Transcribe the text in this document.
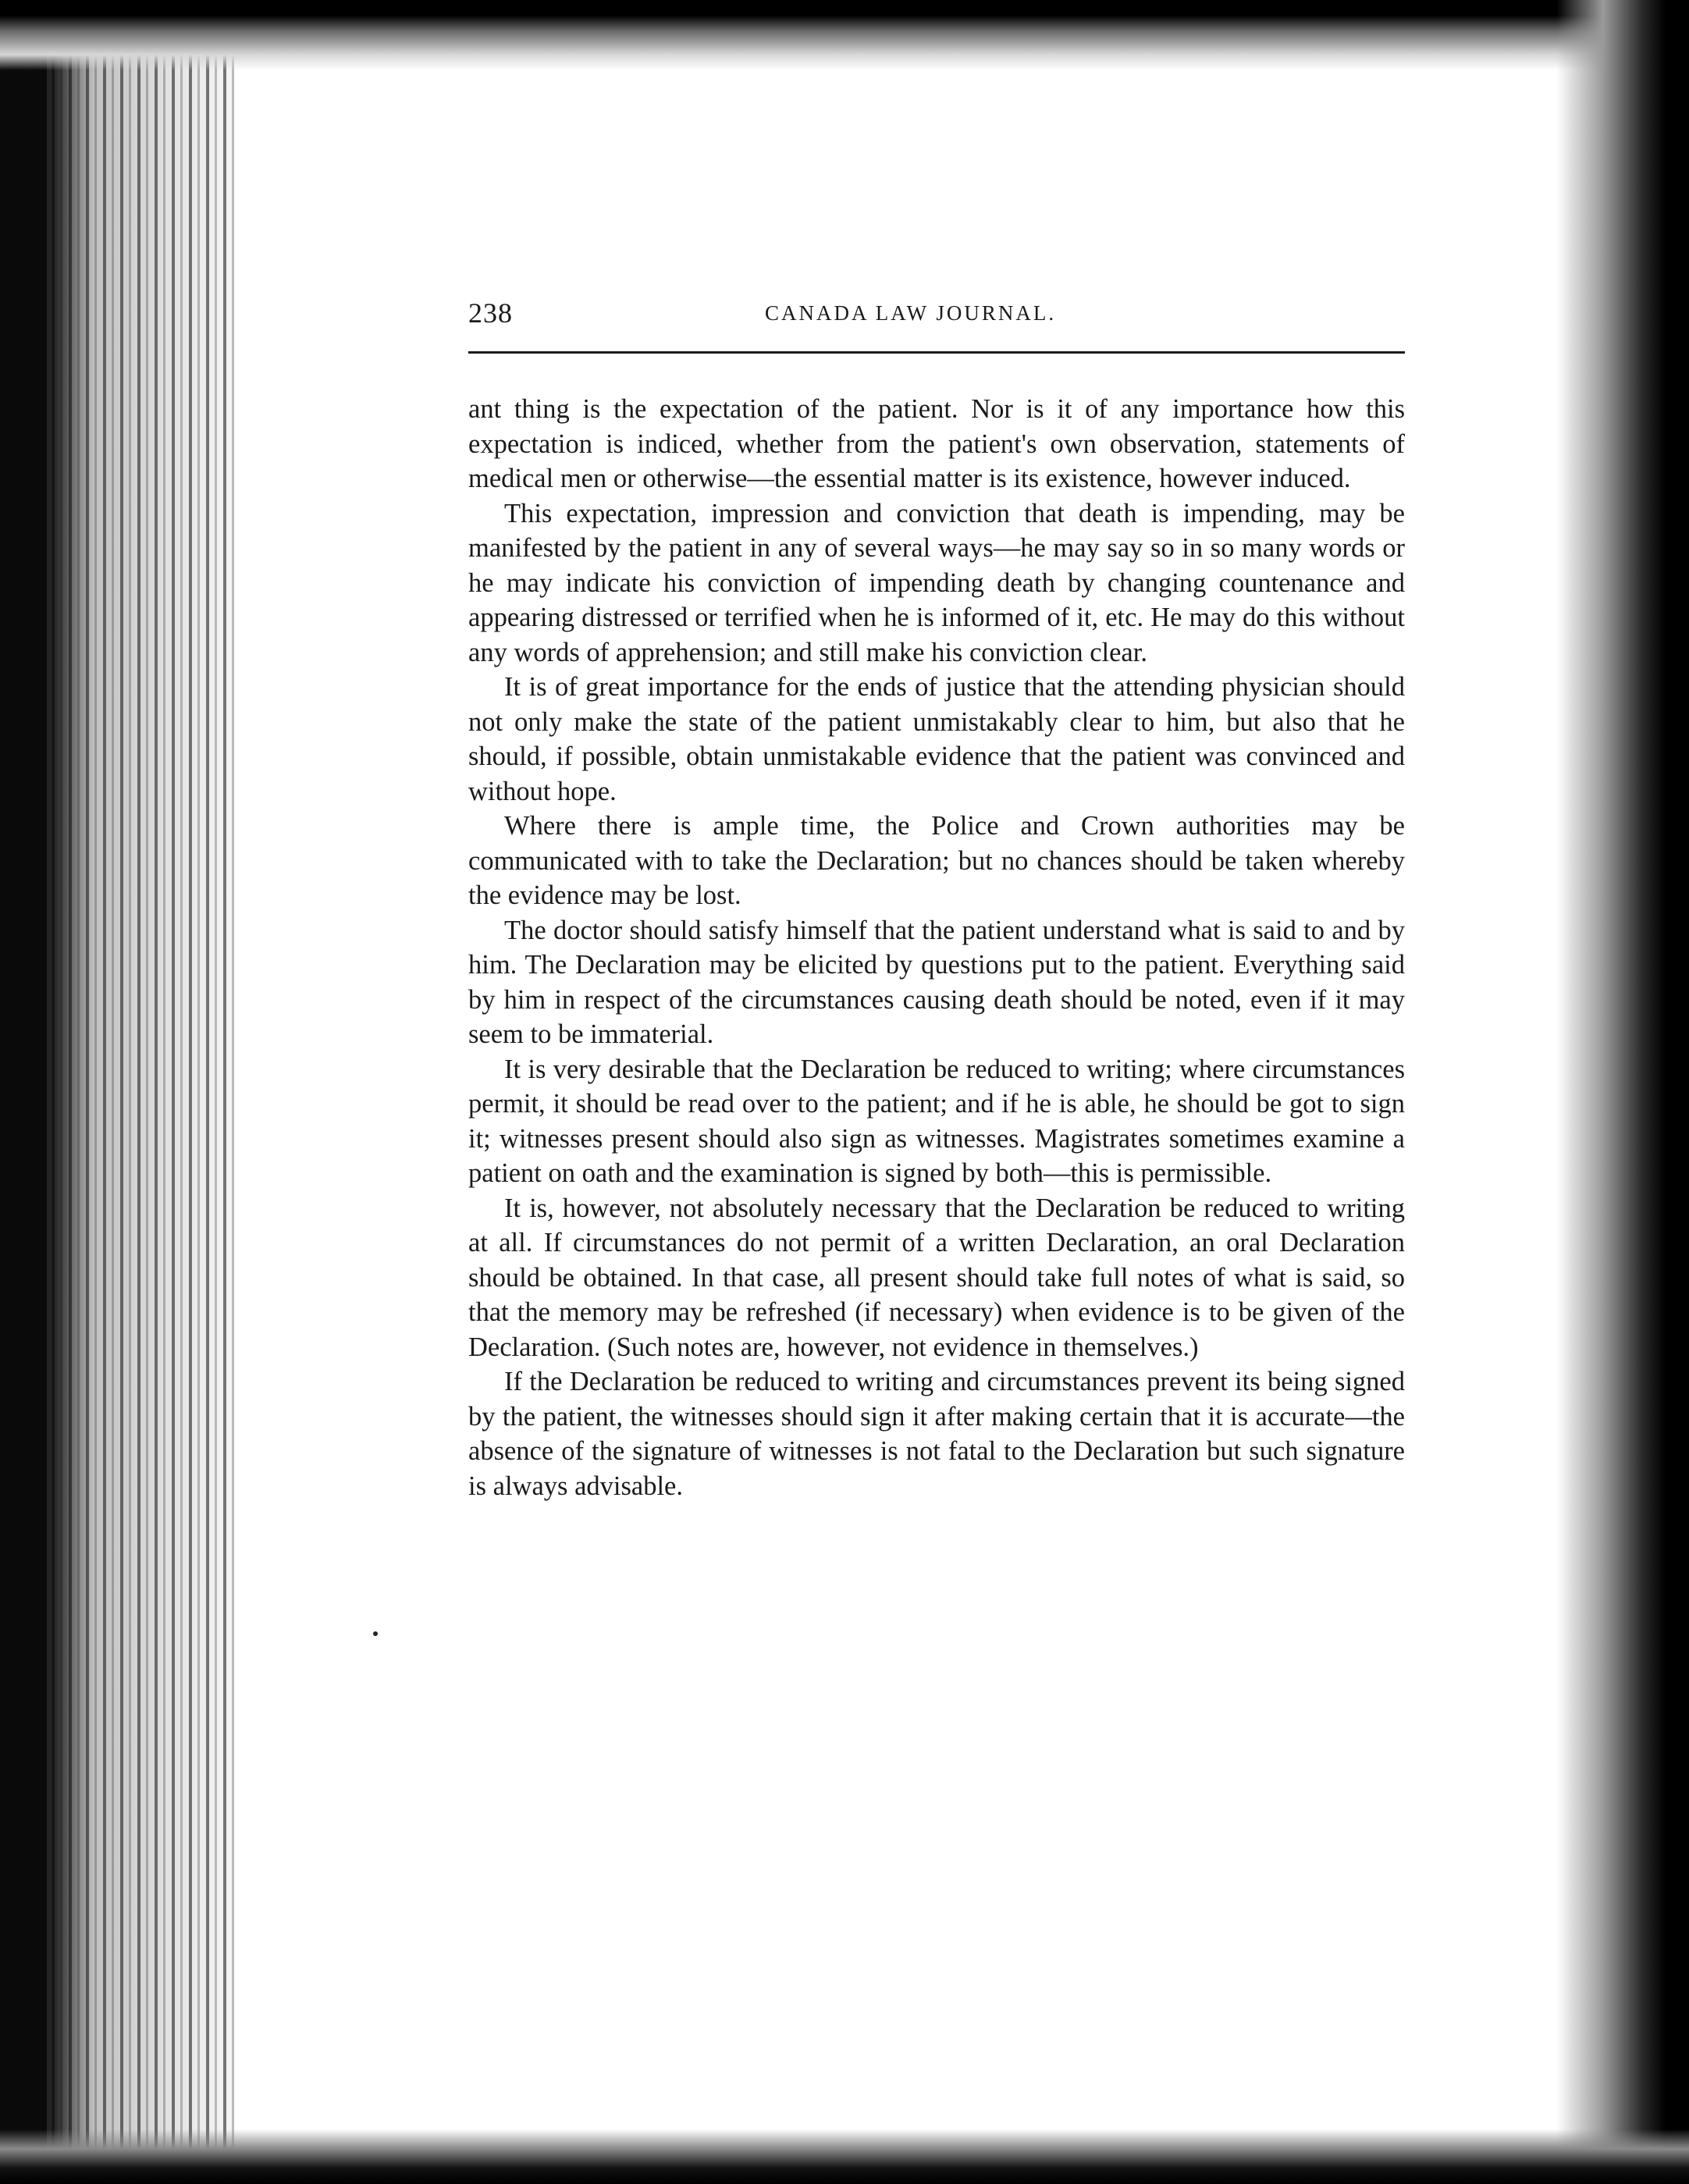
238	CANADA LAW JOURNAL.

ant thing is the expectation of the patient. Nor is it of any importance how this expectation is indiced, whether from the patient's own observation, statements of medical men or otherwise—the essential matter is its existence, however induced.

This expectation, impression and conviction that death is impending, may be manifested by the patient in any of several ways—he may say so in so many words or he may indicate his conviction of impending death by changing countenance and appearing distressed or terrified when he is informed of it, etc. He may do this without any words of apprehension; and still make his conviction clear.

It is of great importance for the ends of justice that the attending physician should not only make the state of the patient unmistakably clear to him, but also that he should, if possible, obtain unmistakable evidence that the patient was convinced and without hope.

Where there is ample time, the Police and Crown authorities may be communicated with to take the Declaration; but no chances should be taken whereby the evidence may be lost.

The doctor should satisfy himself that the patient understand what is said to and by him. The Declaration may be elicited by questions put to the patient. Everything said by him in respect of the circumstances causing death should be noted, even if it may seem to be immaterial.

It is very desirable that the Declaration be reduced to writing; where circumstances permit, it should be read over to the patient; and if he is able, he should be got to sign it; witnesses present should also sign as witnesses. Magistrates sometimes examine a patient on oath and the examination is signed by both—this is permissible.

It is, however, not absolutely necessary that the Declaration be reduced to writing at all. If circumstances do not permit of a written Declaration, an oral Declaration should be obtained. In that case, all present should take full notes of what is said, so that the memory may be refreshed (if necessary) when evidence is to be given of the Declaration. (Such notes are, however, not evidence in themselves.)

If the Declaration be reduced to writing and circumstances prevent its being signed by the patient, the witnesses should sign it after making certain that it is accurate—the absence of the signature of witnesses is not fatal to the Declaration but such signature is always advisable.
